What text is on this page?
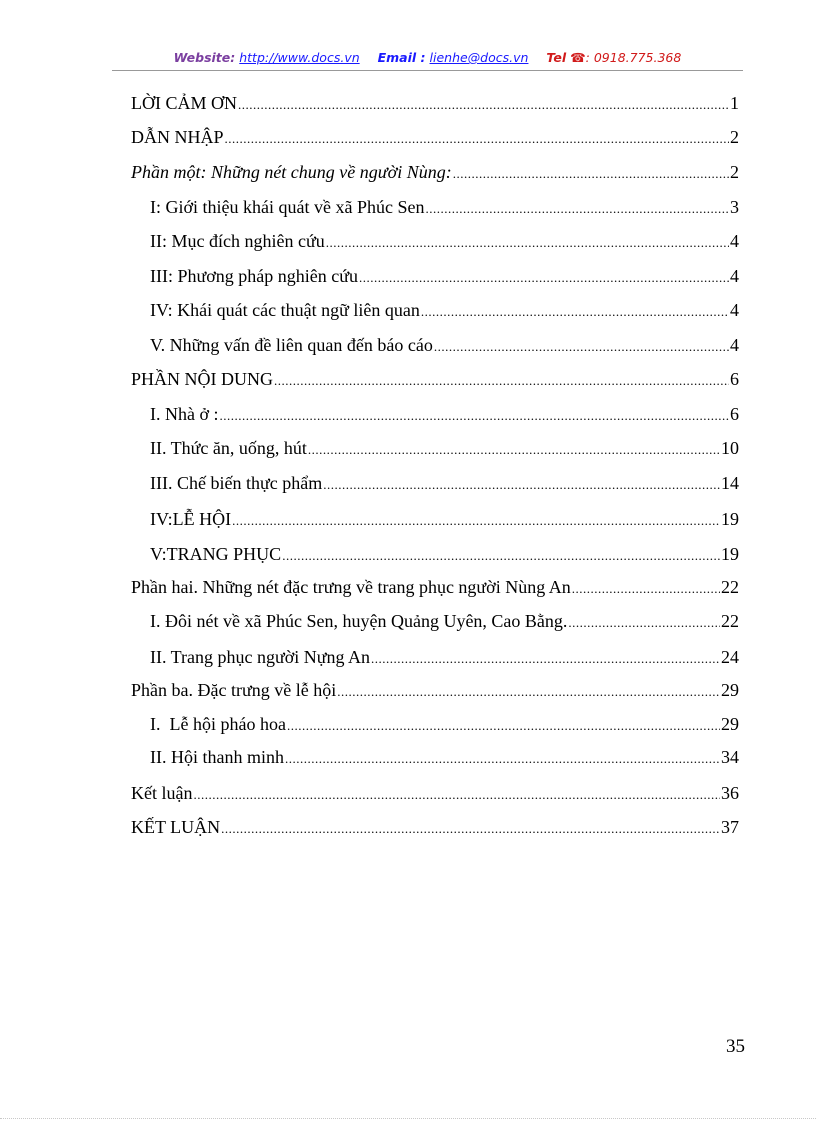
Website: http://www.docs.vn Email : lienhe@docs.vn Tel ☎: 0918.775.368
LỜI CẢM ƠN .....	1
DẪN NHẬP .....	2
Phần một: Những nét chung về người Nùng: .....	2
I: Giới thiệu khái quát về xã Phúc Sen .....	3
II: Mục đích nghiên cứu .....	4
III: Phương pháp nghiên cứu .....	4
IV: Khái quát các thuật ngữ liên quan .....	4
V. Những vấn đề liên quan đến báo cáo .....	4
PHẦN NỘI DUNG .....	6
I. Nhà ở : .....	6
II. Thức ăn, uống, hút .....	10
III. Chế biến thực phẩm .....	14
IV:LỄ HỘI .....	19
V:TRANG PHỤC .....	19
Phần hai. Những nét đặc trưng về trang phục người Nùng An .....	22
I. Đôi nét về xã Phúc Sen, huyện Quảng Uyên, Cao Bằng. .....	22
II. Trang phục người Nựng An .....	24
Phần ba. Đặc trưng về lễ hội .....	29
I.  Lễ hội pháo hoa .....	29
II. Hội thanh minh .....	34
Kết luận .....	36
KẾT LUẬN .....	37
35
